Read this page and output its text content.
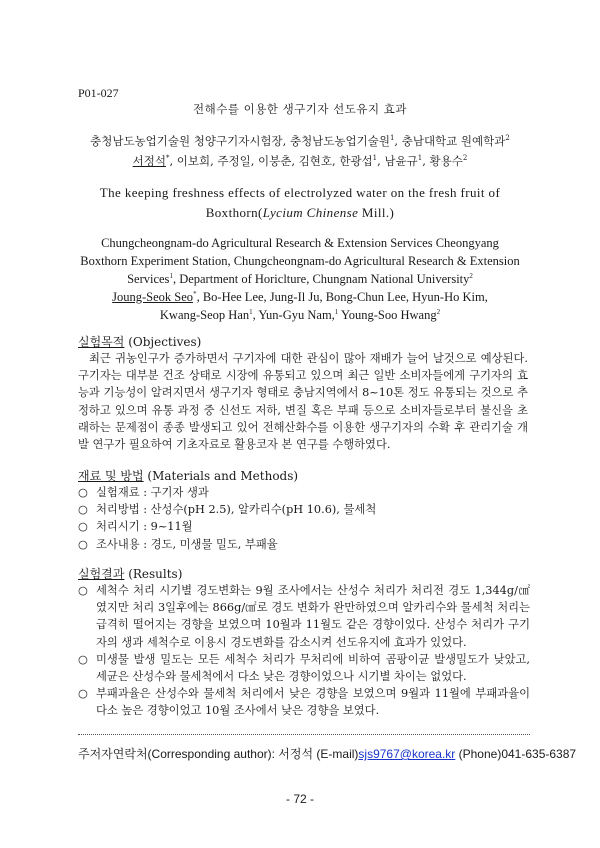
P01-027
전해수를 이용한 생구기자 선도유지 효과
충청남도농업기술원 청양구기자시험장, 충청남도농업기술원$^1$, 충남대학교 원예학과$^2$
서정석*, 이보희, 주정일, 이붕춘, 김현호, 한광섭$^1$, 남윤규$^1$, 황용수$^2$
The keeping freshness effects of electrolyzed water on the fresh fruit of
Boxthorn(Lycium Chinense Mill.)
Chungcheongnam-do Agricultural Research & Extension Services Cheongyang
Boxthorn Experiment Station, Chungcheongnam-do Agricultural Research & Extension
Services$^1$, Department of Horiclture, Chungnam National University$^2$
Joung-Seok Seo*, Bo-Hee Lee, Jung-Il Ju, Bong-Chun Lee, Hyun-Ho Kim,
Kwang-Seop Han$^1$, Yun-Gyu Nam,$^1$ Young-Soo Hwang$^2$
실험목적 (Objectives)

최근 귀농인구가 증가하면서 구기자에 대한 관심이 많아 재배가 늘어 날것으로 예상된다. 구기자는 대부분 건조 상태로 시장에 유통되고 있으며 최근 일반 소비자들에게 구기자의 효능과 기능성이 알려지면서 생구기자 형태로 충남지역에서 8~10톤 정도 유통되는 것으로 추정하고 있으며 유통 과정 중 신선도 저하, 변질 혹은 부패 등으로 소비자들로부터 불신을 초래하는 문제점이 종종 발생되고 있어 전해산화수를 이용한 생구기자의 수확 후 관리기술 개발 연구가 필요하여 기초자료로 활용코자 본 연구를 수행하였다.

재료 및 방법 (Materials and Methods)
○ 실험재료 : 구기자 생과
○ 처리방법 : 산성수(pH 2.5), 알카리수(pH 10.6), 물세척
○ 처리시기 : 9~11월
○ 조사내용 : 경도, 미생물 밀도, 부패율
실험결과 (Results)
○ 세척수 처리 시기별 경도변화는 9월 조사에서는 산성수 처리가 처리전 경도 1,344g/㎠였지만 처리 3일후에는 866g/㎠로 경도 변화가 완만하였으며 알카리수와 물세척 처리는 급격히 떨어지는 경향을 보였으며 10월과 11월도 같은 경향이었다. 산성수 처리가 구기자의 생과 세척수로 이용시 경도변화를 감소시켜 선도유지에 효과가 있었다.
○ 미생물 발생 밀도는 모든 세척수 처리가 무처리에 비하여 곰팡이균 발생밀도가 낮았고, 세균은 산성수와 물세척에서 다소 낮은 경향이었으나 시기별 차이는 없었다.
○ 부패과율은 산성수와 물세척 처리에서 낮은 경향을 보였으며 9월과 11월에 부패과율이 다소 높은 경향이었고 10월 조사에서 낮은 경향을 보였다.
주저자연락처(Corresponding author): 서정석 (E-mail)sjs9767@korea.kr (Phone)041-635-6387
- 72 -
